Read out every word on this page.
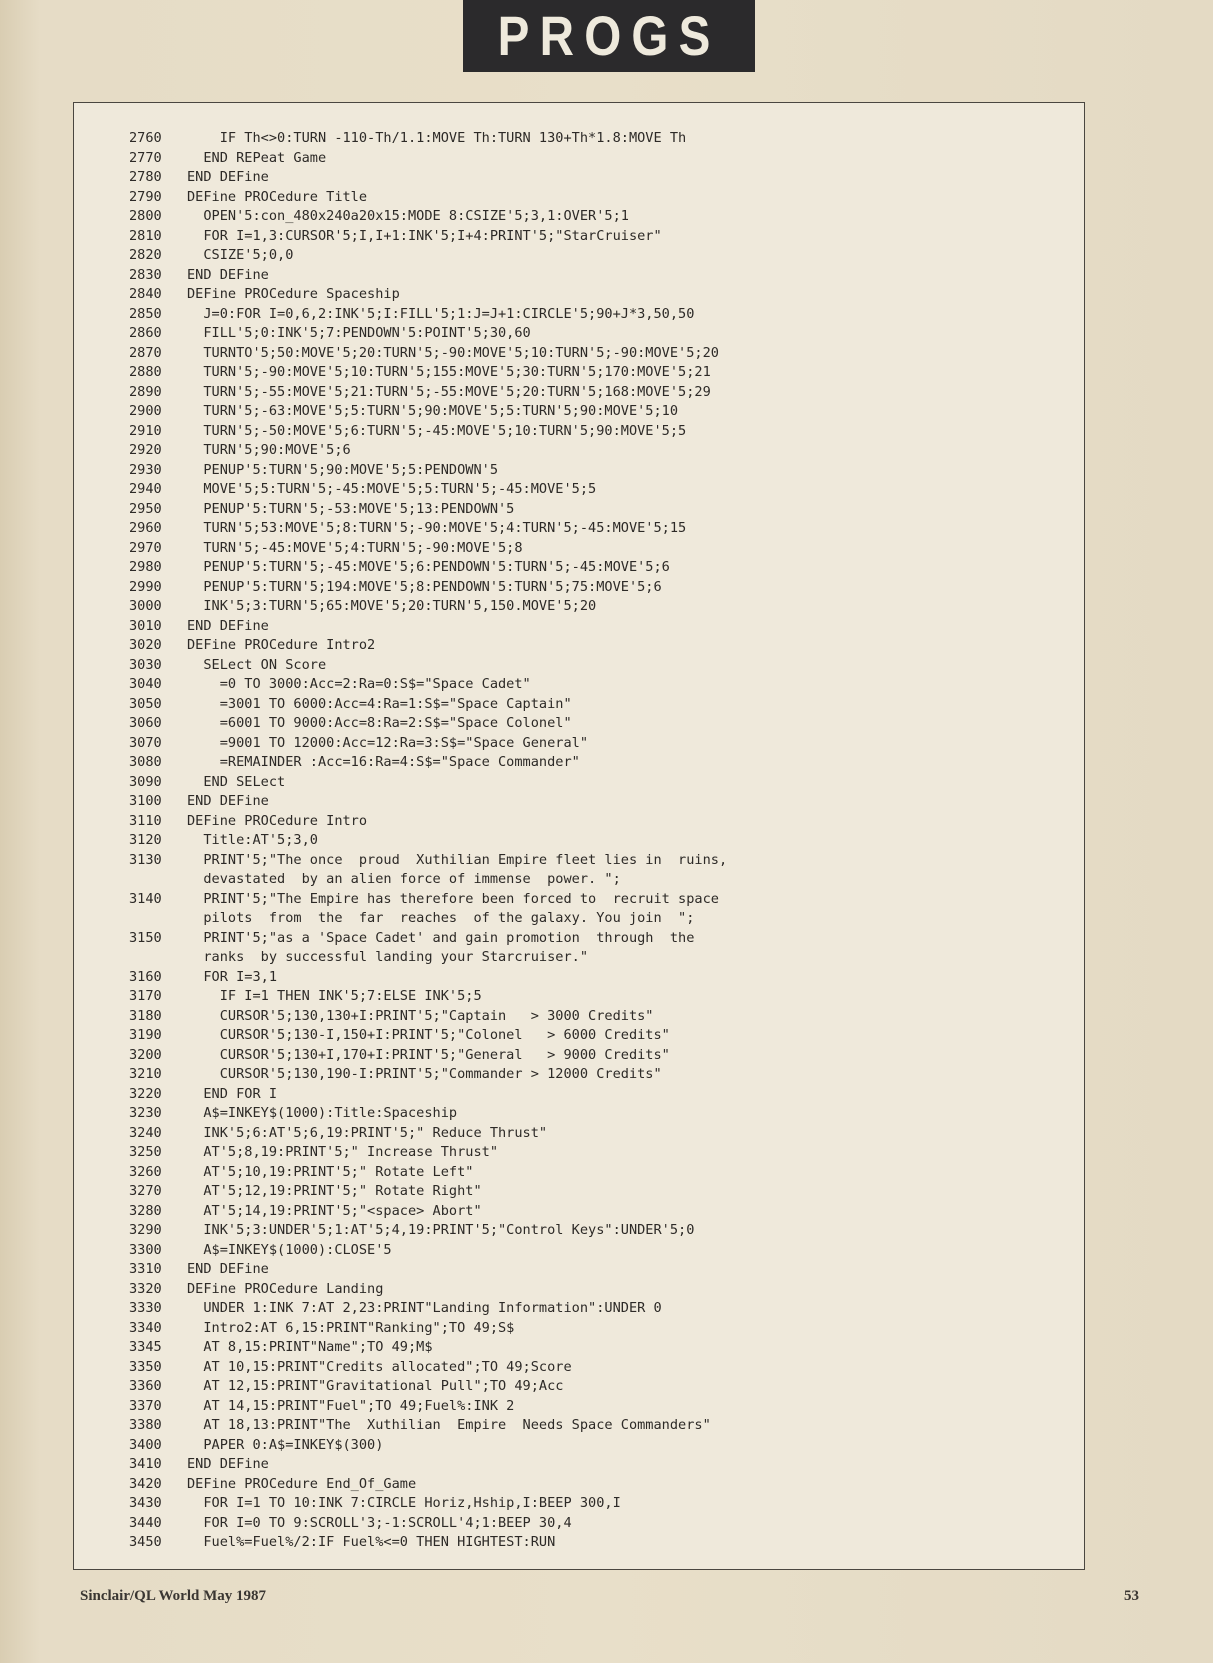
PROGS
2760	IF Th<>0:TURN -110-Th/1.1:MOVE Th:TURN 130+Th*1.8:MOVE Th
2770	END REPeat Game
2780	END DEFine
2790	DEFine PROCedure Title
2800	OPEN'5:con_480x240a20x15:MODE 8:CSIZE'5;3,1:OVER'5;1
2810	FOR I=1,3:CURSOR'5;I,I+1:INK'5;I+4:PRINT'5;"StarCruiser"
2820	CSIZE'5;0,0
2830	END DEFine
2840	DEFine PROCedure Spaceship
2850	J=0:FOR I=0,6,2:INK'5;I:FILL'5;1:J=J+1:CIRCLE'5;90+J*3,50,50
2860	FILL'5;0:INK'5;7:PENDOWN'5:POINT'5;30,60
2870	TURNTO'5;50:MOVE'5;20:TURN'5;-90:MOVE'5;10:TURN'5;-90:MOVE'5;20
2880	TURN'5;-90:MOVE'5;10:TURN'5;155:MOVE'5;30:TURN'5;170:MOVE'5;21
2890	TURN'5;-55:MOVE'5;21:TURN'5;-55:MOVE'5;20:TURN'5;168:MOVE'5;29
2900	TURN'5;-63:MOVE'5;5:TURN'5;90:MOVE'5;5:TURN'5;90:MOVE'5;10
2910	TURN'5;-50:MOVE'5;6:TURN'5;-45:MOVE'5;10:TURN'5;90:MOVE'5;5
2920	TURN'5;90:MOVE'5;6
2930	PENUP'5:TURN'5;90:MOVE'5;5:PENDOWN'5
2940	MOVE'5;5:TURN'5;-45:MOVE'5;5:TURN'5;-45:MOVE'5;5
2950	PENUP'5:TURN'5;-53:MOVE'5;13:PENDOWN'5
2960	TURN'5;53:MOVE'5;8:TURN'5;-90:MOVE'5;4:TURN'5;-45:MOVE'5;15
2970	TURN'5;-45:MOVE'5;4:TURN'5;-90:MOVE'5;8
2980	PENUP'5:TURN'5;-45:MOVE'5;6:PENDOWN'5:TURN'5;-45:MOVE'5;6
2990	PENUP'5:TURN'5;194:MOVE'5;8:PENDOWN'5:TURN'5;75:MOVE'5;6
3000	INK'5;3:TURN'5;65:MOVE'5;20:TURN'5,150.MOVE'5;20
3010	END DEFine
3020	DEFine PROCedure Intro2
3030	SELect ON Score
3040	=0 TO 3000:Acc=2:Ra=0:S$="Space Cadet"
3050	=3001 TO 6000:Acc=4:Ra=1:S$="Space Captain"
3060	=6001 TO 9000:Acc=8:Ra=2:S$="Space Colonel"
3070	=9001 TO 12000:Acc=12:Ra=3:S$="Space General"
3080	=REMAINDER :Acc=16:Ra=4:S$="Space Commander"
3090	END SELect
3100	END DEFine
3110	DEFine PROCedure Intro
3120	Title:AT'5;3,0
3130	PRINT'5;"The once  proud  Xuthilian Empire fleet lies in  ruins,
devastated  by an alien force of immense  power. ";
3140	PRINT'5;"The Empire has therefore been forced to  recruit space
pilots  from  the  far  reaches  of the galaxy. You join  ";
3150	PRINT'5;"as a 'Space Cadet' and gain promotion  through  the
ranks  by successful landing your Starcruiser."
3160	FOR I=3,1
3170	IF I=1 THEN INK'5;7:ELSE INK'5;5
3180	CURSOR'5;130,130+I:PRINT'5;"Captain   > 3000 Credits"
3190	CURSOR'5;130-I,150+I:PRINT'5;"Colonel   > 6000 Credits"
3200	CURSOR'5;130+I,170+I:PRINT'5;"General   > 9000 Credits"
3210	CURSOR'5;130,190-I:PRINT'5;"Commander > 12000 Credits"
3220	END FOR I
3230	A$=INKEY$(1000):Title:Spaceship
3240	INK'5;6:AT'5;6,19:PRINT'5;" Reduce Thrust"
3250	AT'5;8,19:PRINT'5;" Increase Thrust"
3260	AT'5;10,19:PRINT'5;" Rotate Left"
3270	AT'5;12,19:PRINT'5;" Rotate Right"
3280	AT'5;14,19:PRINT'5;"<space> Abort"
3290	INK'5;3:UNDER'5;1:AT'5;4,19:PRINT'5;"Control Keys":UNDER'5;0
3300	A$=INKEY$(1000):CLOSE'5
3310	END DEFine
3320	DEFine PROCedure Landing
3330	UNDER 1:INK 7:AT 2,23:PRINT"Landing Information":UNDER 0
3340	Intro2:AT 6,15:PRINT"Ranking";TO 49;S$
3345	AT 8,15:PRINT"Name";TO 49;M$
3350	AT 10,15:PRINT"Credits allocated";TO 49;Score
3360	AT 12,15:PRINT"Gravitational Pull";TO 49;Acc
3370	AT 14,15:PRINT"Fuel";TO 49;Fuel%:INK 2
3380	AT 18,13:PRINT"The  Xuthilian  Empire  Needs Space Commanders"
3400	PAPER 0:A$=INKEY$(300)
3410	END DEFine
3420	DEFine PROCedure End_Of_Game
3430	FOR I=1 TO 10:INK 7:CIRCLE Horiz,Hship,I:BEEP 300,I
3440	FOR I=0 TO 9:SCROLL'3;-1:SCROLL'4;1:BEEP 30,4
3450	Fuel%=Fuel%/2:IF Fuel%<=0 THEN HIGHTEST:RUN
Sinclair/QL World May 1987	53
